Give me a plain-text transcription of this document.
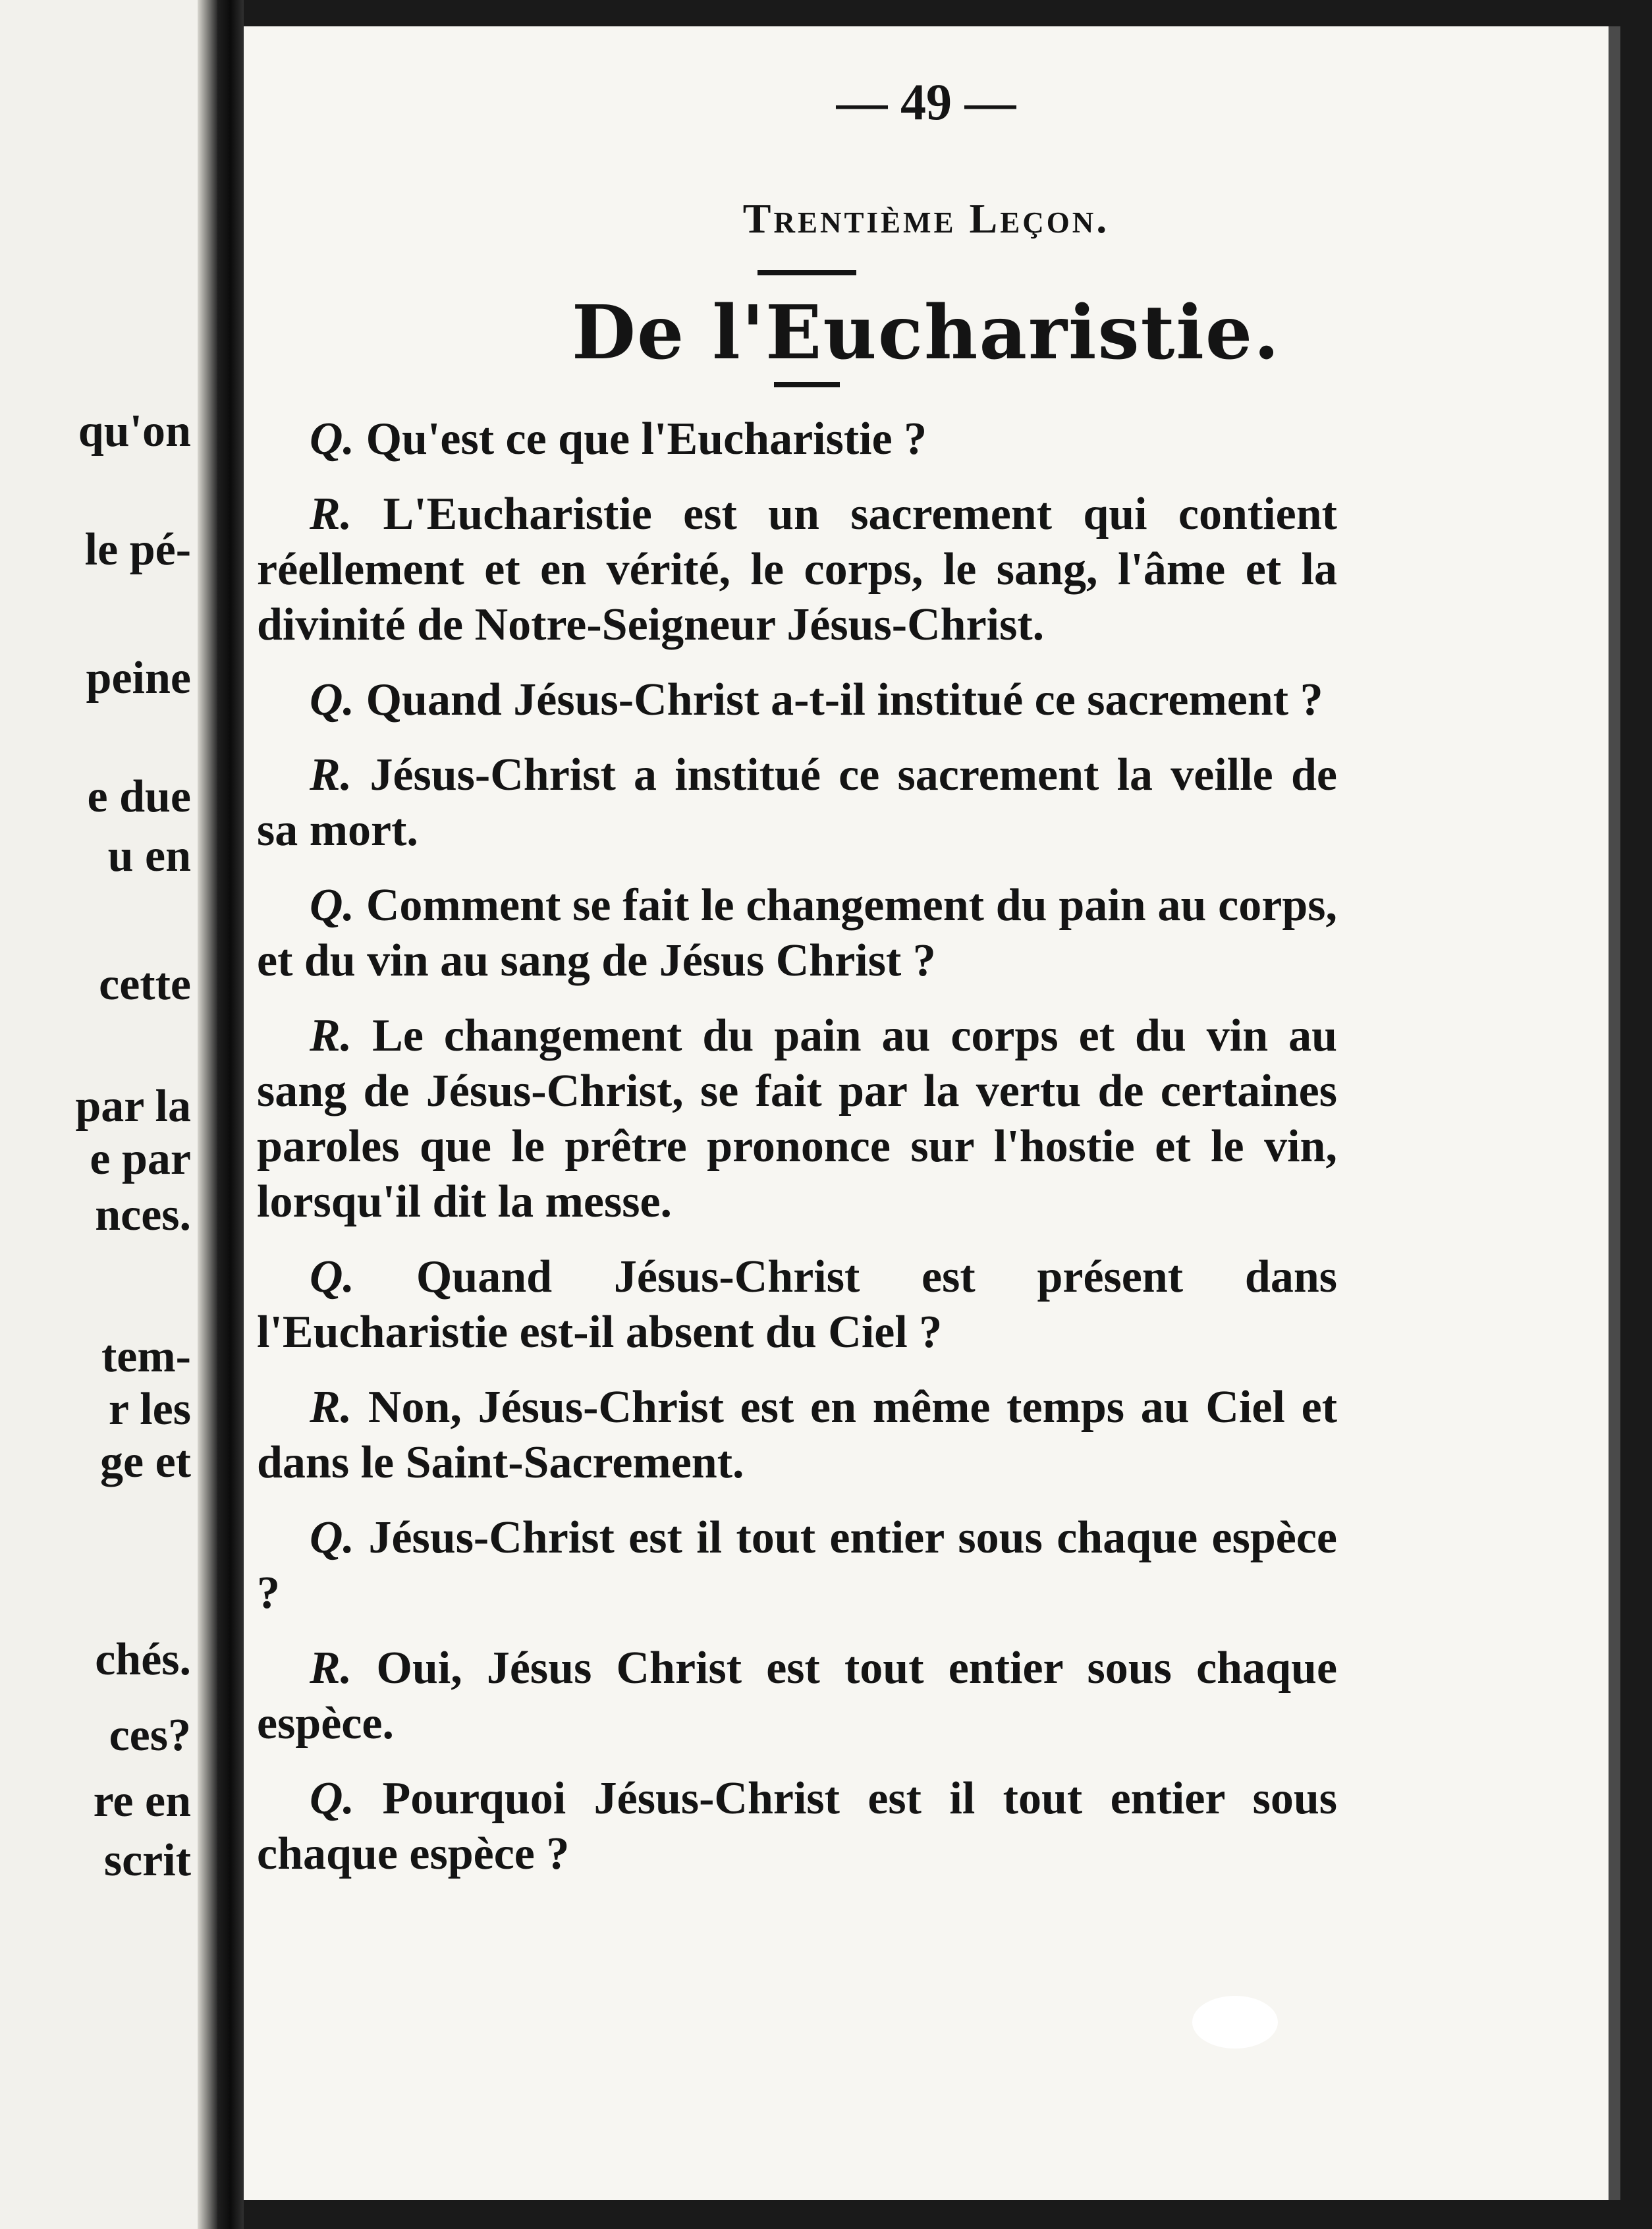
qu'on
le pé-
peine
e due
u en
cette
par la
e par
nces.
tem-
r les
ge et
chés.
ces?
re en
scrit
— 49 —
Trentième Leçon.
De l'Eucharistie.

Q. Qu'est ce que l'Eucharistie ?

R. L'Eucharistie est un sacrement qui contient réellement et en vérité, le corps, le sang, l'âme et la divinité de Notre-Seigneur Jésus-Christ.

Q. Quand Jésus-Christ a-t-il institué ce sacrement ?

R. Jésus-Christ a institué ce sacrement la veille de sa mort.

Q. Comment se fait le changement du pain au corps, et du vin au sang de Jésus Christ ?

R. Le changement du pain au corps et du vin au sang de Jésus-Christ, se fait par la vertu de certaines paroles que le prêtre prononce sur l'hostie et le vin, lorsqu'il dit la messe.

Q. Quand Jésus-Christ est présent dans l'Eucharistie est-il absent du Ciel ?

R. Non, Jésus-Christ est en même temps au Ciel et dans le Saint-Sacrement.

Q. Jésus-Christ est il tout entier sous chaque espèce ?

R. Oui, Jésus Christ est tout entier sous chaque espèce.

Q. Pourquoi Jésus-Christ est il tout entier sous chaque espèce ?
